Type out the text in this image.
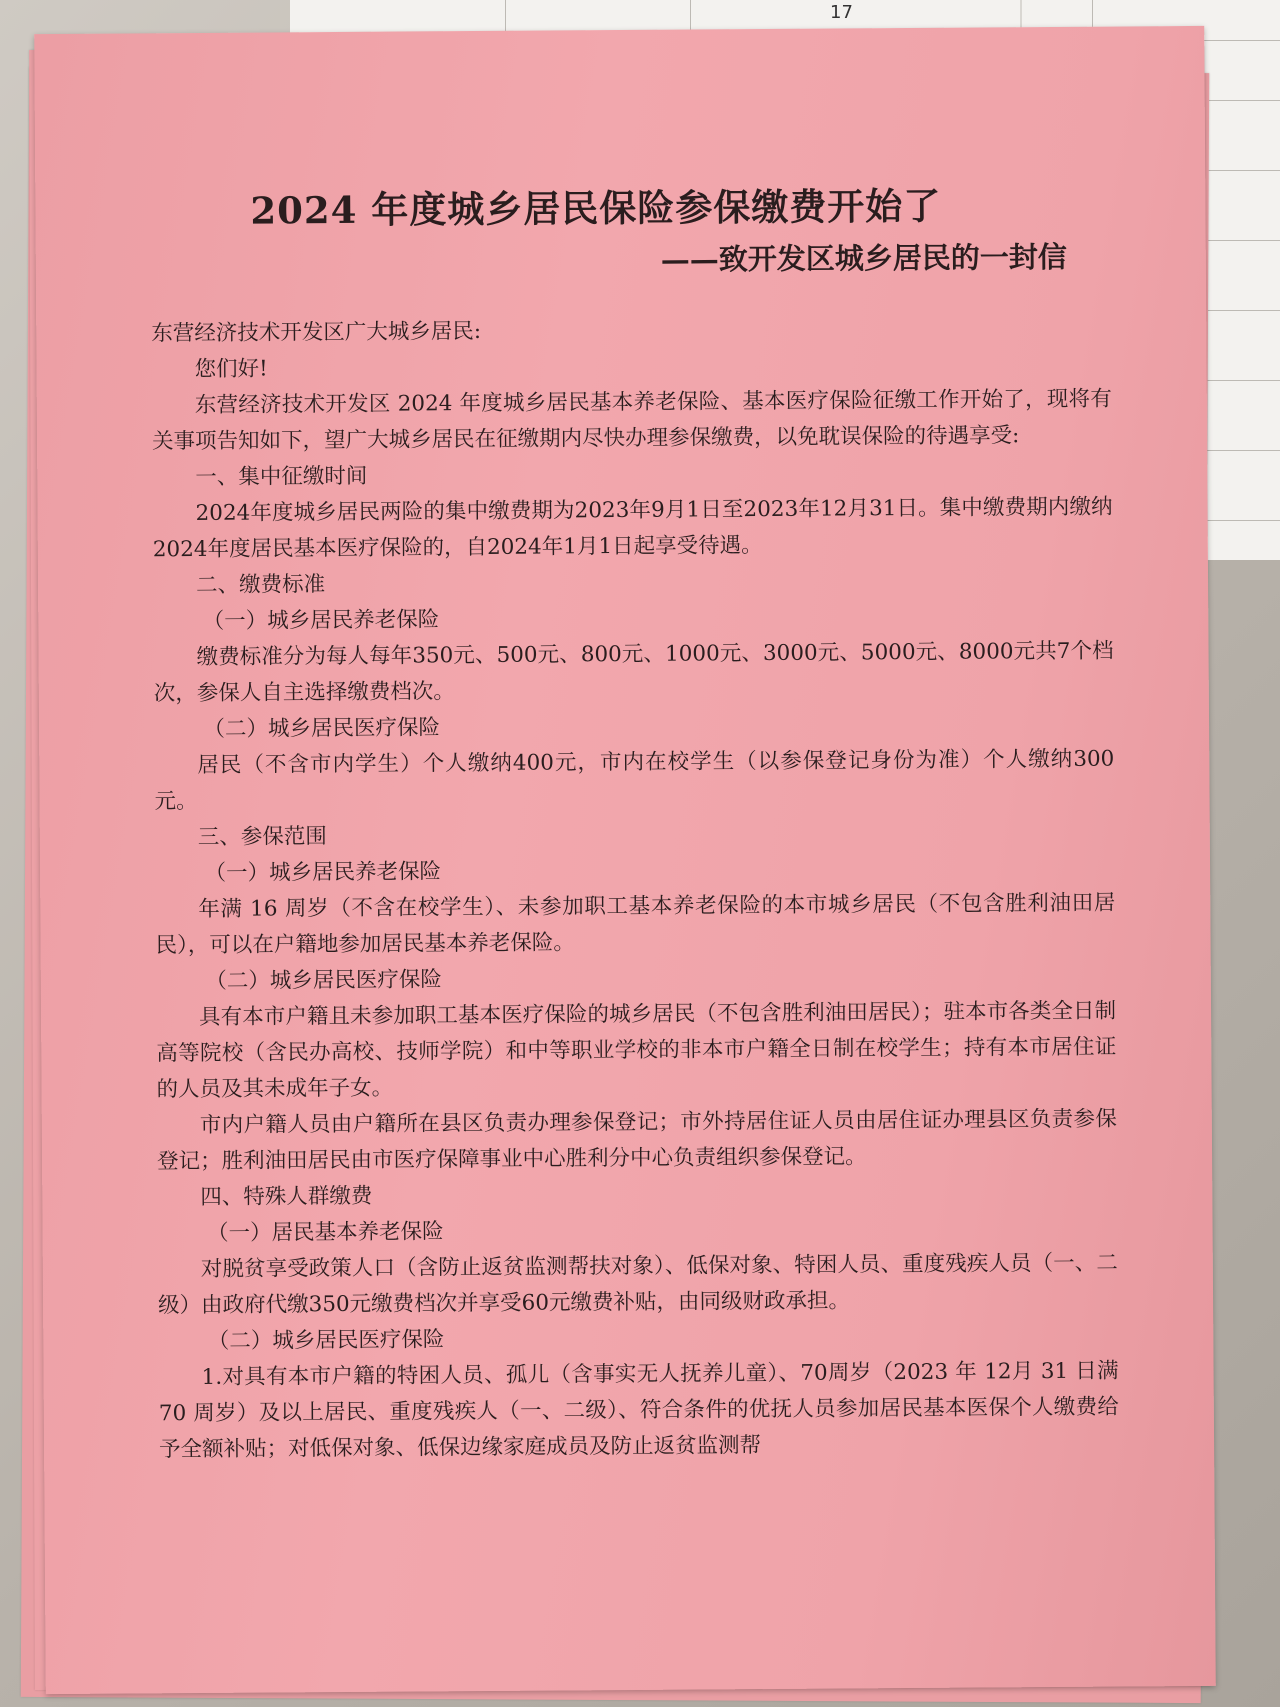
17
2024 年度城乡居民保险参保缴费开始了
——致开发区城乡居民的一封信

东营经济技术开发区广大城乡居民:

您们好!

东营经济技术开发区 2024 年度城乡居民基本养老保险、基本医疗保险征缴工作开始了，现将有关事项告知如下，望广大城乡居民在征缴期内尽快办理参保缴费，以免耽误保险的待遇享受:

一、集中征缴时间

2024年度城乡居民两险的集中缴费期为2023年9月1日至2023年12月31日。集中缴费期内缴纳2024年度居民基本医疗保险的，自2024年1月1日起享受待遇。

二、缴费标准

（一）城乡居民养老保险

缴费标准分为每人每年350元、500元、800元、1000元、3000元、5000元、8000元共7个档次，参保人自主选择缴费档次。

（二）城乡居民医疗保险

居民（不含市内学生）个人缴纳400元，市内在校学生（以参保登记身份为准）个人缴纳300元。

三、参保范围

（一）城乡居民养老保险

年满 16 周岁（不含在校学生）、未参加职工基本养老保险的本市城乡居民（不包含胜利油田居民），可以在户籍地参加居民基本养老保险。

（二）城乡居民医疗保险

具有本市户籍且未参加职工基本医疗保险的城乡居民（不包含胜利油田居民）；驻本市各类全日制高等院校（含民办高校、技师学院）和中等职业学校的非本市户籍全日制在校学生；持有本市居住证的人员及其未成年子女。

市内户籍人员由户籍所在县区负责办理参保登记；市外持居住证人员由居住证办理县区负责参保登记；胜利油田居民由市医疗保障事业中心胜利分中心负责组织参保登记。

四、特殊人群缴费

（一）居民基本养老保险

对脱贫享受政策人口（含防止返贫监测帮扶对象）、低保对象、特困人员、重度残疾人员（一、二级）由政府代缴350元缴费档次并享受60元缴费补贴，由同级财政承担。

（二）城乡居民医疗保险

1.对具有本市户籍的特困人员、孤儿（含事实无人抚养儿童）、70周岁（2023 年 12月 31 日满 70 周岁）及以上居民、重度残疾人（一、二级）、符合条件的优抚人员参加居民基本医保个人缴费给予全额补贴；对低保对象、低保边缘家庭成员及防止返贫监测帮
